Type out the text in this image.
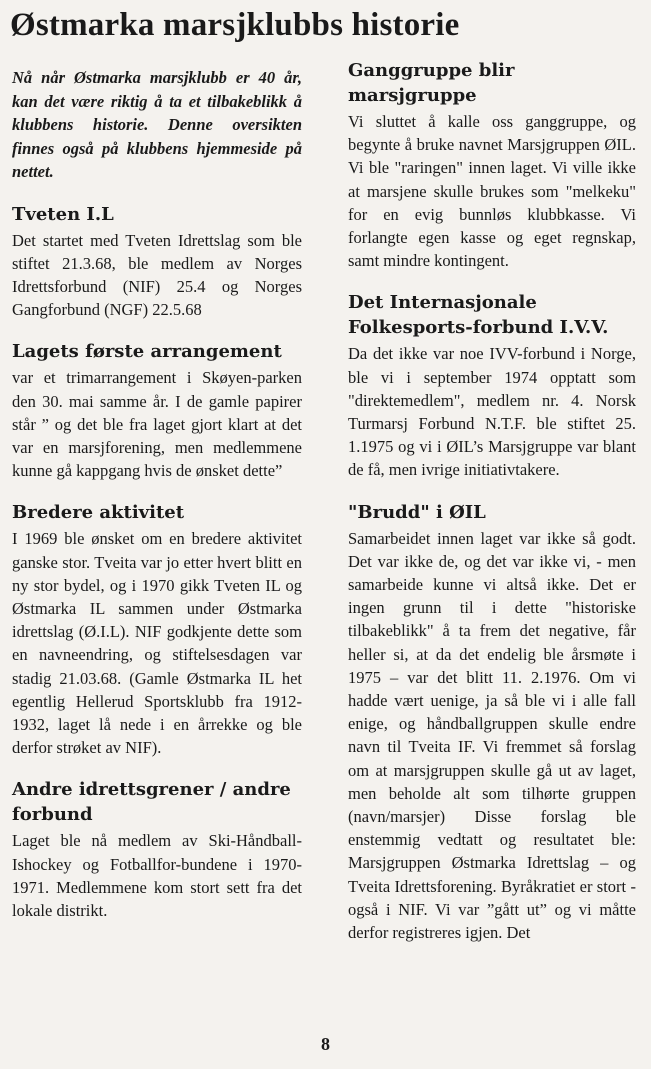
Østmarka marsjklubbs historie

Nå når Østmarka marsjklubb er 40 år, kan det være riktig å ta et tilbakeblikk å klubbens historie. Denne oversikten finnes også på klubbens hjemmeside på nettet.

Tveten I.L

Det startet med Tveten Idrettslag som ble stiftet 21.3.68, ble medlem av Norges Idrettsforbund (NIF) 25.4 og Norges Gangforbund (NGF) 22.5.68

Lagets første arrangement

var et trimarrangement i Skøyen-parken den 30. mai samme år. I de gamle papirer står ” og det ble fra laget gjort klart at det var en marsjforening, men medlemmene kunne gå kappgang hvis de ønsket dette”

Bredere aktivitet

I 1969 ble ønsket om en bredere aktivitet ganske stor. Tveita var jo etter hvert blitt en ny stor bydel, og i 1970 gikk Tveten IL og Østmarka IL sammen under Østmarka idrettslag (Ø.I.L). NIF godkjente dette som en navneendring, og stiftelsesdagen var stadig 21.03.68. (Gamle Østmarka IL het egentlig Hellerud Sportsklubb fra 1912-1932, laget lå nede i en årrekke og ble derfor strøket av NIF).

Andre idrettsgrener / andre forbund

Laget ble nå medlem av Ski-Håndball-Ishockey og Fotballfor-bundene i 1970-1971. Medlemmene kom stort sett fra det lokale distrikt.

Ganggruppe blir marsjgruppe

Vi sluttet å kalle oss ganggruppe, og begynte å bruke navnet Marsjgruppen ØIL. Vi ble "raringen" innen laget. Vi ville ikke at marsjene skulle brukes som "melkeku" for en evig bunnløs klubbkasse. Vi forlangte egen kasse og eget regnskap, samt mindre kontingent.

Det Internasjonale Folkesports-forbund I.V.V.

Da det ikke var noe IVV-forbund i Norge, ble vi i september 1974 opptatt som "direktemedlem", medlem nr. 4. Norsk Turmarsj Forbund N.T.F. ble stiftet 25. 1.1975 og vi i ØIL’s Marsjgruppe var blant de få, men ivrige initiativtakere.

"Brudd" i ØIL

Samarbeidet innen laget var ikke så godt. Det var ikke de, og det var ikke vi, - men samarbeide kunne vi altså ikke. Det er ingen grunn til i dette "historiske tilbakeblikk" å ta frem det negative, får heller si, at da det endelig ble årsmøte i 1975 – var det blitt 11. 2.1976. Om vi hadde vært uenige, ja så ble vi i alle fall enige, og håndballgruppen skulle endre navn til Tveita IF. Vi fremmet så forslag om at marsjgruppen skulle gå ut av laget, men beholde alt som tilhørte gruppen (navn/marsjer) Disse forslag ble enstemmig vedtatt og resultatet ble: Marsjgruppen Østmarka Idrettslag – og Tveita Idrettsforening. Byråkratiet er stort - også i NIF. Vi var ”gått ut” og vi måtte derfor registreres igjen. Det

8
